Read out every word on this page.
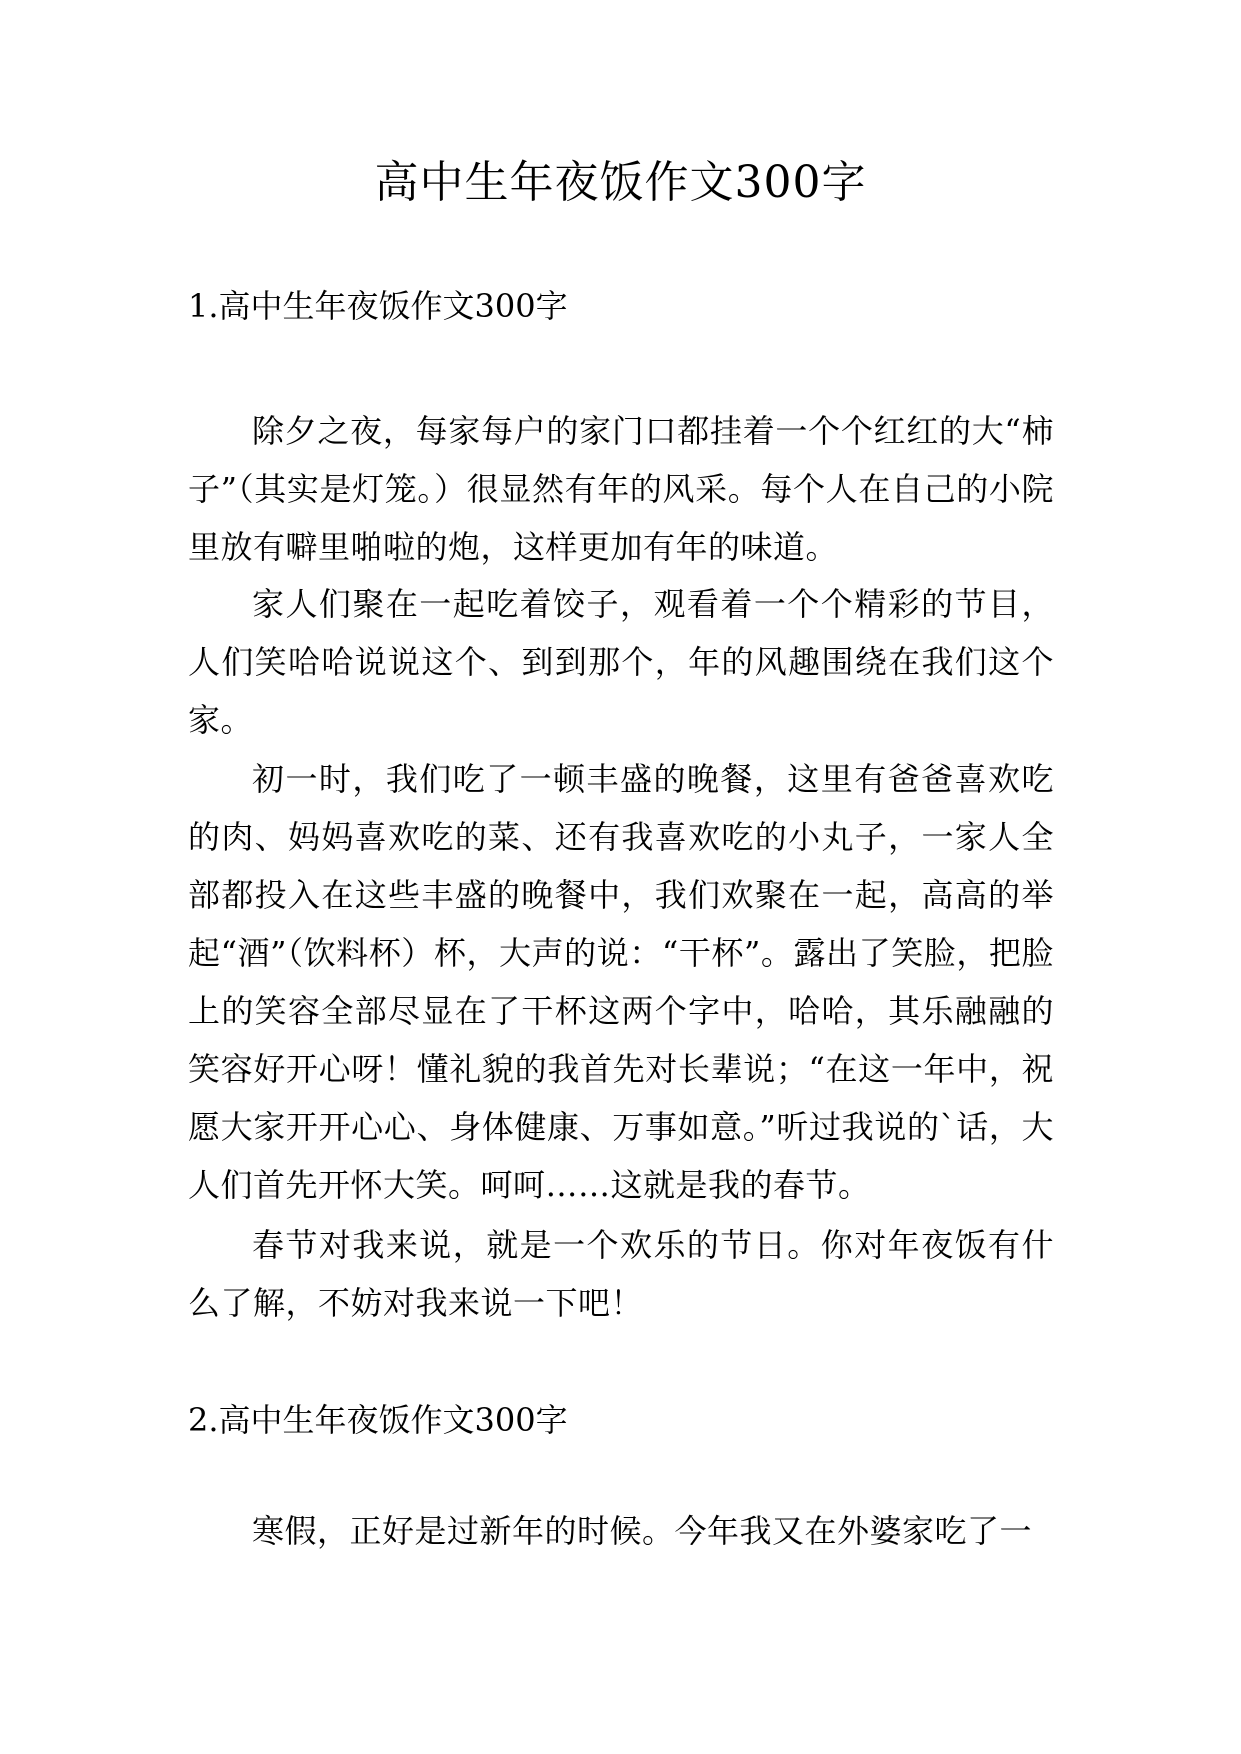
高中生年夜饭作文300字
1.高中生年夜饭作文300字

除夕之夜，每家每户的家门口都挂着一个个红红的大“柿子”（其实是灯笼。）很显然有年的风采。每个人在自己的小院里放有噼里啪啦的炮，这样更加有年的味道。

家人们聚在一起吃着饺子，观看着一个个精彩的节目，人们笑哈哈说说这个、到到那个，年的风趣围绕在我们这个家。

初一时，我们吃了一顿丰盛的晚餐，这里有爸爸喜欢吃的肉、妈妈喜欢吃的菜、还有我喜欢吃的小丸子，一家人全部都投入在这些丰盛的晚餐中，我们欢聚在一起，高高的举起“酒”（饮料杯）杯，大声的说：“干杯”。露出了笑脸，把脸上的笑容全部尽显在了干杯这两个字中，哈哈，其乐融融的笑容好开心呀！懂礼貌的我首先对长辈说；“在这一年中，祝愿大家开开心心、身体健康、万事如意。”听过我说的`话，大人们首先开怀大笑。呵呵……这就是我的春节。

春节对我来说，就是一个欢乐的节日。你对年夜饭有什么了解，不妨对我来说一下吧！

2.高中生年夜饭作文300字

寒假，正好是过新年的时候。今年我又在外婆家吃了一
